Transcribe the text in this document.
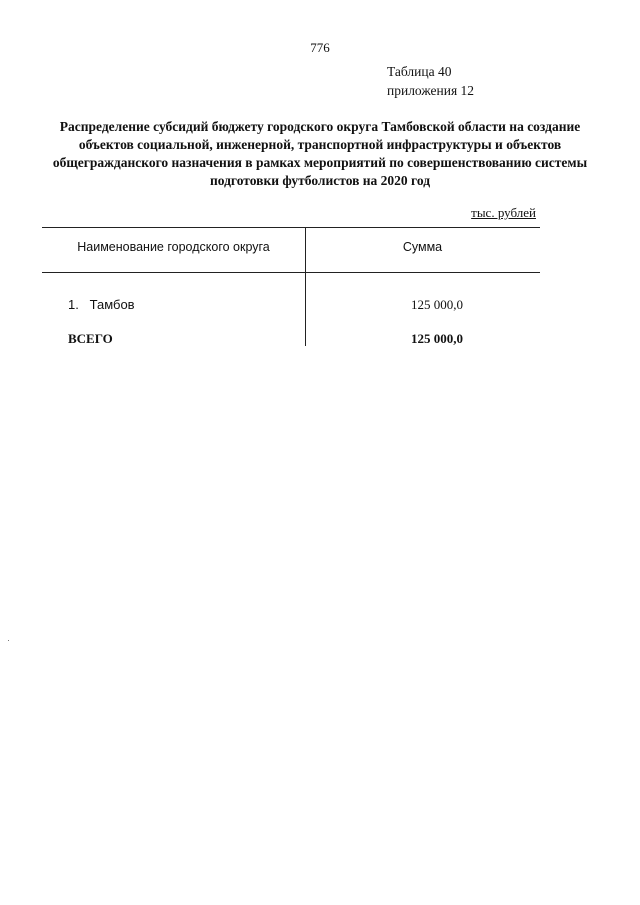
776
Таблица 40
приложения 12
Распределение субсидий бюджету городского округа Тамбовской области на создание объектов социальной, инженерной, транспортной инфраструктуры и объектов общегражданского назначения в рамках мероприятий по совершенствованию системы подготовки футболистов на 2020 год
тыс. рублей
Наименование городского округа	Сумма
1. Тамбов	125 000,0
ВСЕГО	125 000,0
